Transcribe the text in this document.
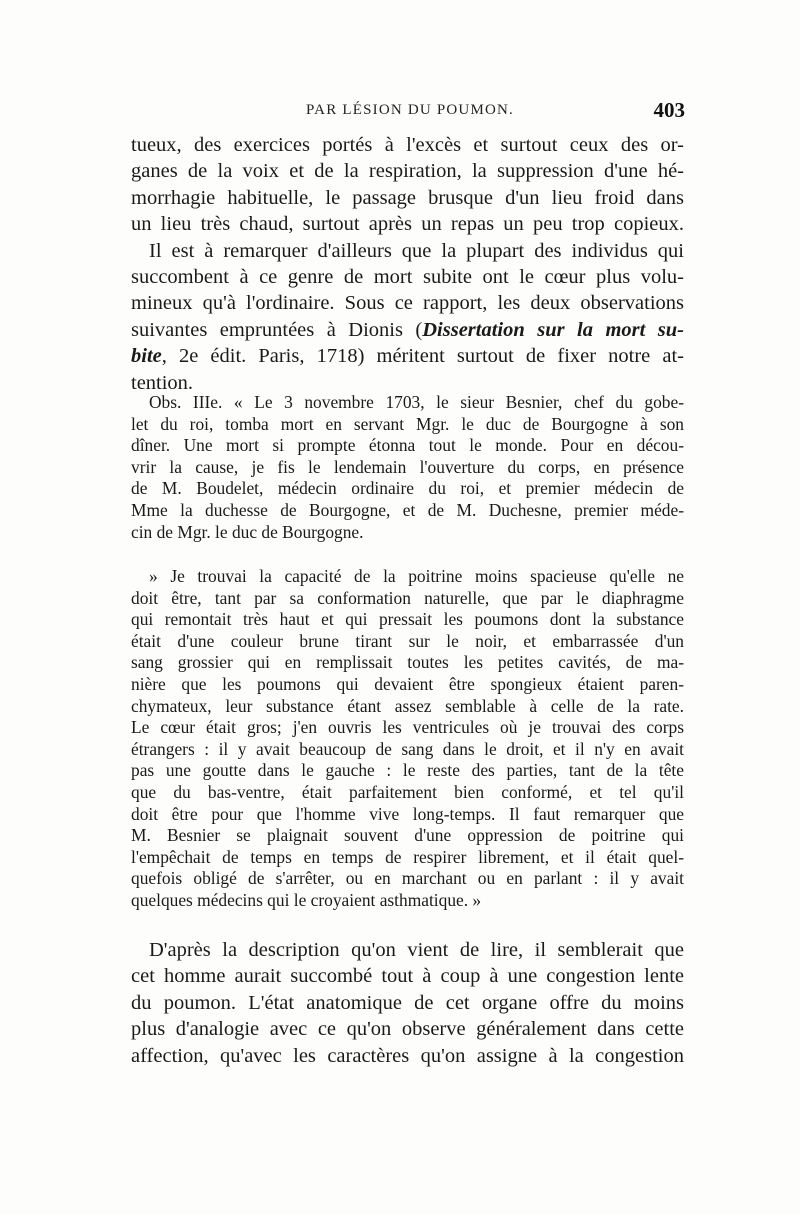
PAR LÉSION DU POUMON.	403
tueux, des exercices portés à l'excès et surtout ceux des or-
ganes de la voix et de la respiration, la suppression d'une hé-
morrhagie habituelle, le passage brusque d'un lieu froid dans
un lieu très chaud, surtout après un repas un peu trop copieux.
Il est à remarquer d'ailleurs que la plupart des individus qui
succombent à ce genre de mort subite ont le cœur plus volu-
mineux qu'à l'ordinaire. Sous ce rapport, les deux observations
suivantes empruntées à Dionis (Dissertation sur la mort su-
bite, 2e édit. Paris, 1718) méritent surtout de fixer notre at-
tention.
Obs. IIIe. « Le 3 novembre 1703, le sieur Besnier, chef du gobe-
let du roi, tomba mort en servant Mgr. le duc de Bourgogne à son
dîner. Une mort si prompte étonna tout le monde. Pour en décou-
vrir la cause, je fis le lendemain l'ouverture du corps, en présence
de M. Boudelet, médecin ordinaire du roi, et premier médecin de
Mme la duchesse de Bourgogne, et de M. Duchesne, premier méde-
cin de Mgr. le duc de Bourgogne.
» Je trouvai la capacité de la poitrine moins spacieuse qu'elle ne
doit être, tant par sa conformation naturelle, que par le diaphragme
qui remontait très haut et qui pressait les poumons dont la substance
était d'une couleur brune tirant sur le noir, et embarrassée d'un
sang grossier qui en remplissait toutes les petites cavités, de ma-
nière que les poumons qui devaient être spongieux étaient paren-
chymateux, leur substance étant assez semblable à celle de la rate.
Le cœur était gros; j'en ouvris les ventricules où je trouvai des corps
étrangers : il y avait beaucoup de sang dans le droit, et il n'y en avait
pas une goutte dans le gauche : le reste des parties, tant de la tête
que du bas-ventre, était parfaitement bien conformé, et tel qu'il
doit être pour que l'homme vive long-temps. Il faut remarquer que
M. Besnier se plaignait souvent d'une oppression de poitrine qui
l'empêchait de temps en temps de respirer librement, et il était quel-
quefois obligé de s'arrêter, ou en marchant ou en parlant : il y avait
quelques médecins qui le croyaient asthmatique. »
D'après la description qu'on vient de lire, il semblerait que
cet homme aurait succombé tout à coup à une congestion lente
du poumon. L'état anatomique de cet organe offre du moins
plus d'analogie avec ce qu'on observe généralement dans cette
affection, qu'avec les caractères qu'on assigne à la congestion
